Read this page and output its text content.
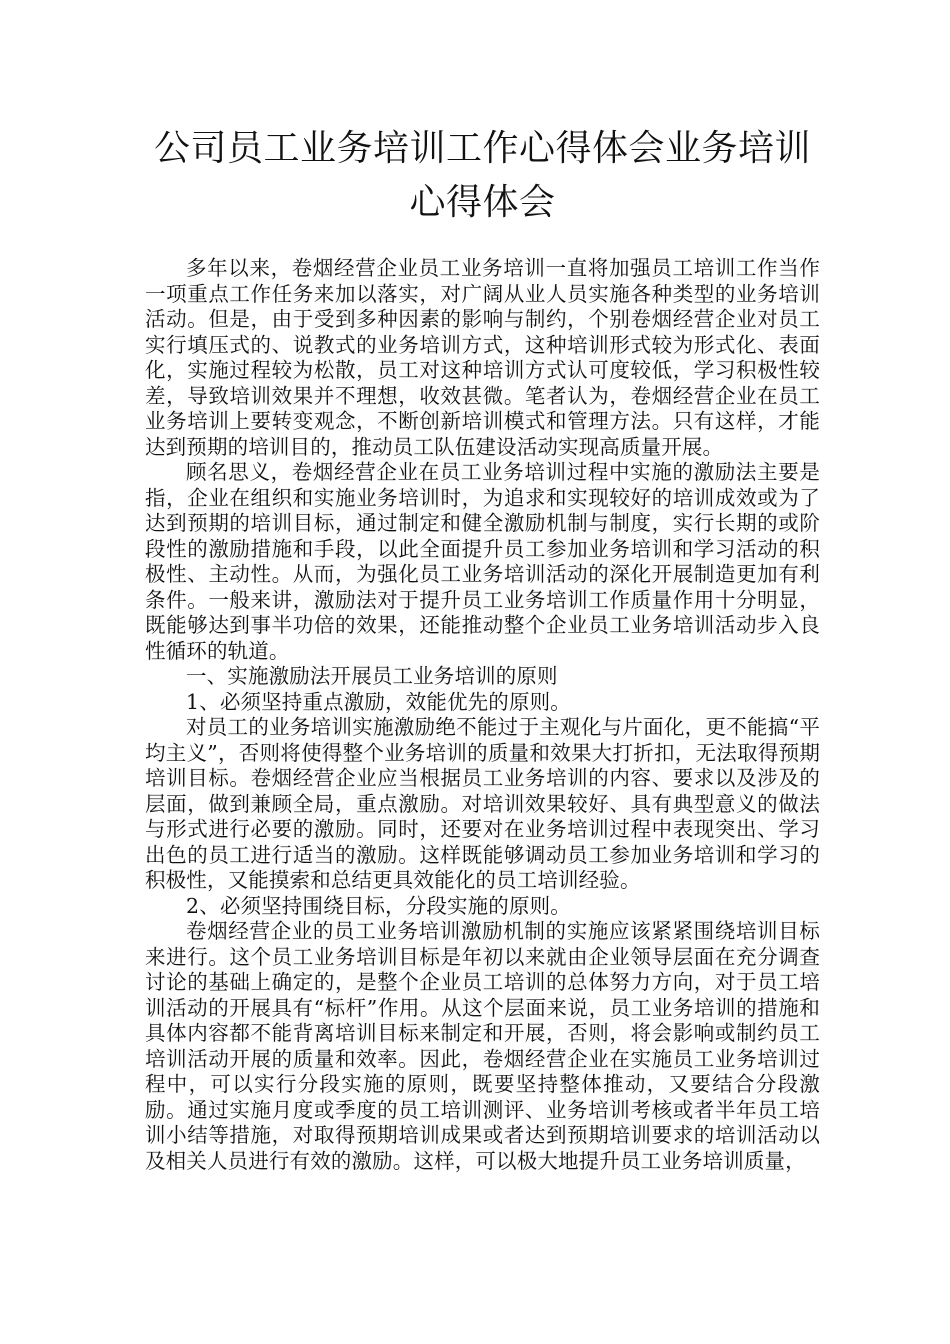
公司员工业务培训工作心得体会业务培训
心得体会

多年以来，卷烟经营企业员工业务培训一直将加强员工培训工作当作一项重点工作任务来加以落实，对广阔从业人员实施各种类型的业务培训活动。但是，由于受到多种因素的影响与制约，个别卷烟经营企业对员工实行填压式的、说教式的业务培训方式，这种培训形式较为形式化、表面化，实施过程较为松散，员工对这种培训方式认可度较低，学习积极性较差，导致培训效果并不理想，收效甚微。笔者认为，卷烟经营企业在员工业务培训上要转变观念，不断创新培训模式和管理方法。只有这样，才能达到预期的培训目的，推动员工队伍建设活动实现高质量开展。

顾名思义，卷烟经营企业在员工业务培训过程中实施的激励法主要是指，企业在组织和实施业务培训时，为追求和实现较好的培训成效或为了达到预期的培训目标，通过制定和健全激励机制与制度，实行长期的或阶段性的激励措施和手段，以此全面提升员工参加业务培训和学习活动的积极性、主动性。从而，为强化员工业务培训活动的深化开展制造更加有利条件。一般来讲，激励法对于提升员工业务培训工作质量作用十分明显，既能够达到事半功倍的效果，还能推动整个企业员工业务培训活动步入良性循环的轨道。

一、实施激励法开展员工业务培训的原则

1、必须坚持重点激励，效能优先的原则。

对员工的业务培训实施激励绝不能过于主观化与片面化，更不能搞“平均主义”，否则将使得整个业务培训的质量和效果大打折扣，无法取得预期培训目标。卷烟经营企业应当根据员工业务培训的内容、要求以及涉及的层面，做到兼顾全局，重点激励。对培训效果较好、具有典型意义的做法与形式进行必要的激励。同时，还要对在业务培训过程中表现突出、学习出色的员工进行适当的激励。这样既能够调动员工参加业务培训和学习的积极性，又能摸索和总结更具效能化的员工培训经验。

2、必须坚持围绕目标，分段实施的原则。

卷烟经营企业的员工业务培训激励机制的实施应该紧紧围绕培训目标来进行。这个员工业务培训目标是年初以来就由企业领导层面在充分调查讨论的基础上确定的，是整个企业员工培训的总体努力方向，对于员工培训活动的开展具有“标杆”作用。从这个层面来说，员工业务培训的措施和具体内容都不能背离培训目标来制定和开展，否则，将会影响或制约员工培训活动开展的质量和效率。因此，卷烟经营企业在实施员工业务培训过程中，可以实行分段实施的原则，既要坚持整体推动，又要结合分段激励。通过实施月度或季度的员工培训测评、业务培训考核或者半年员工培训小结等措施，对取得预期培训成果或者达到预期培训要求的培训活动以及相关人员进行有效的激励。这样，可以极大地提升员工业务培训质量，
